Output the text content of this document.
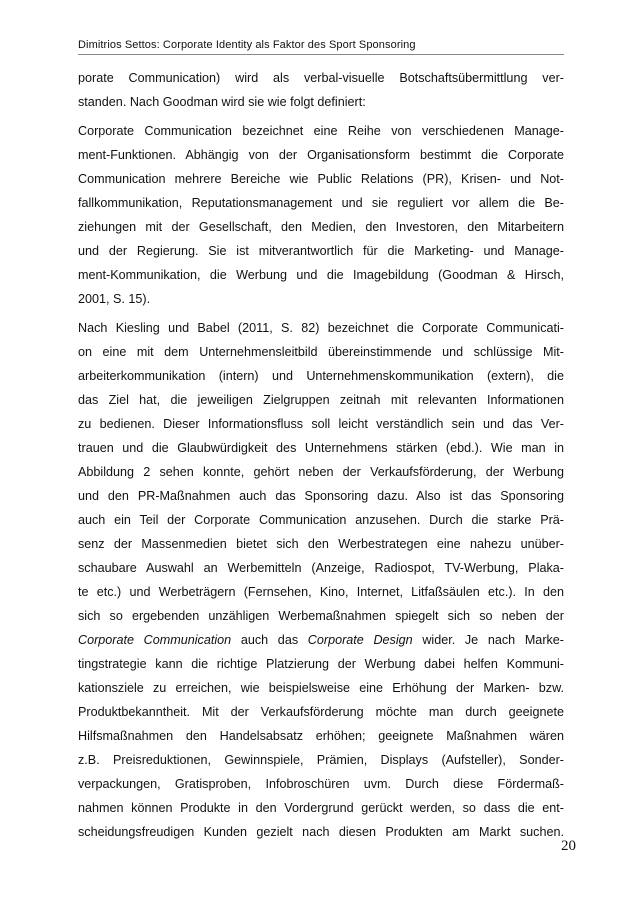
Dimitrios Settos: Corporate Identity als Faktor des Sport Sponsoring
porate Communication) wird als verbal-visuelle Botschaftsübermittlung ver-
standen. Nach Goodman wird sie wie folgt definiert:
Corporate Communication bezeichnet eine Reihe von verschiedenen Manage-
ment-Funktionen. Abhängig von der Organisationsform bestimmt die Corporate
Communication mehrere Bereiche wie Public Relations (PR), Krisen- und Not-
fallkommunikation, Reputationsmanagement und sie reguliert vor allem die Be-
ziehungen mit der Gesellschaft, den Medien, den Investoren, den Mitarbeitern
und der Regierung. Sie ist mitverantwortlich für die Marketing- und Manage-
ment-Kommunikation, die Werbung und die Imagebildung (Goodman & Hirsch,
2001, S. 15).
Nach Kiesling und Babel (2011, S. 82) bezeichnet die Corporate Communicati-
on eine mit dem Unternehmensleitbild übereinstimmende und schlüssige Mit-
arbeiterkommunikation (intern) und Unternehmenskommunikation (extern), die
das Ziel hat, die jeweiligen Zielgruppen zeitnah mit relevanten Informationen
zu bedienen. Dieser Informationsfluss soll leicht verständlich sein und das Ver-
trauen und die Glaubwürdigkeit des Unternehmens stärken (ebd.). Wie man in
Abbildung 2 sehen konnte, gehört neben der Verkaufsförderung, der Werbung
und den PR-Maßnahmen auch das Sponsoring dazu. Also ist das Sponsoring
auch ein Teil der Corporate Communication anzusehen. Durch die starke Prä-
senz der Massenmedien bietet sich den Werbestrategen eine nahezu unüber-
schaubare Auswahl an Werbemitteln (Anzeige, Radiospot, TV-Werbung, Plaka-
te etc.) und Werbeträgern (Fernsehen, Kino, Internet, Litfaßsäulen etc.). In den
sich so ergebenden unzähligen Werbemaßnahmen spiegelt sich so neben der
Corporate Communication auch das Corporate Design wider. Je nach Marke-
tingstrategie kann die richtige Platzierung der Werbung dabei helfen Kommuni-
kationsziele zu erreichen, wie beispielsweise eine Erhöhung der Marken- bzw.
Produktbekanntheit. Mit der Verkaufsförderung möchte man durch geeignete
Hilfsmaßnahmen den Handelsabsatz erhöhen; geeignete Maßnahmen wären
z.B. Preisreduktionen, Gewinnspiele, Prämien, Displays (Aufsteller), Sonder-
verpackungen, Gratisproben, Infobroschüren uvm. Durch diese Fördermaß-
nahmen können Produkte in den Vordergrund gerückt werden, so dass die ent-
scheidungsfreudigen Kunden gezielt nach diesen Produkten am Markt suchen.
20
